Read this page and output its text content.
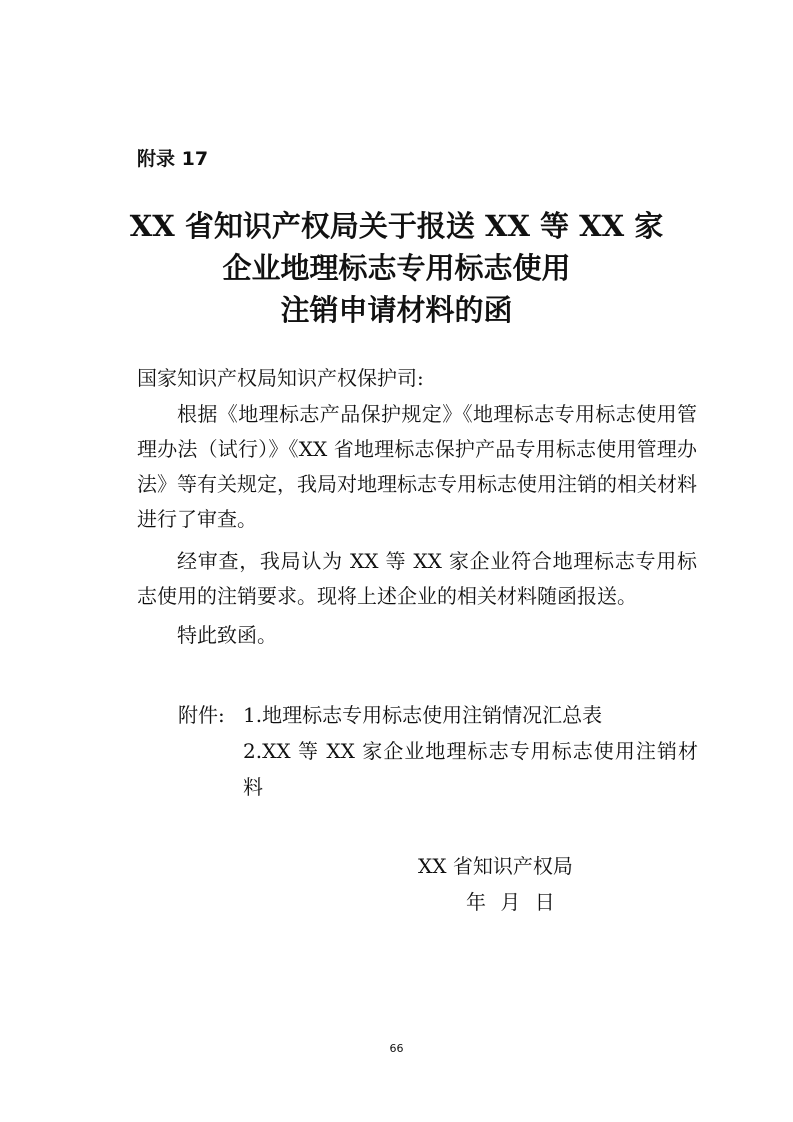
附录 17
XX 省知识产权局关于报送 XX 等 XX 家
企业地理标志专用标志使用
注销申请材料的函
国家知识产权局知识产权保护司:

根据《地理标志产品保护规定》《地理标志专用标志使用管理办法（试行）》《XX 省地理标志保护产品专用标志使用管理办法》等有关规定，我局对地理标志专用标志使用注销的相关材料进行了审查。

经审查，我局认为 XX 等 XX 家企业符合地理标志专用标志使用的注销要求。现将上述企业的相关材料随函报送。

特此致函。

附件: 1.地理标志专用标志使用注销情况汇总表
2.XX 等 XX 家企业地理标志专用标志使用注销材料
XX 省知识产权局
年 月 日
66
